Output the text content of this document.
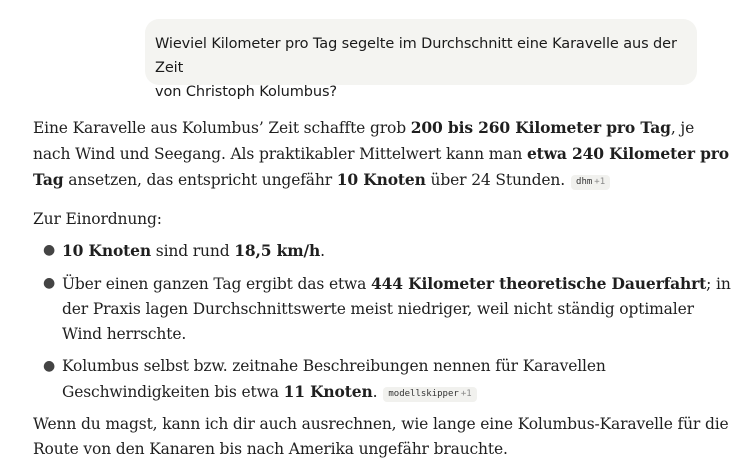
Wieviel Kilometer pro Tag segelte im Durchschnitt eine Karavelle aus der Zeit
von Christoph Kolumbus?

Eine Karavelle aus Kolumbus’ Zeit schaffte grob 200 bis 260 Kilometer pro Tag, je nach Wind und Seegang. Als praktikabler Mittelwert kann man etwa 240 Kilometer pro Tag ansetzen, das entspricht ungefähr 10 Knoten über 24 Stunden. dhm +1

Zur Einordnung:

● 10 Knoten sind rund 18,5 km/h.
● Über einen ganzen Tag ergibt das etwa 444 Kilometer theoretische Dauerfahrt; in der Praxis lagen Durchschnittswerte meist niedriger, weil nicht ständig optimaler Wind herrschte.
● Kolumbus selbst bzw. zeitnahe Beschreibungen nennen für Karavellen Geschwindigkeiten bis etwa 11 Knoten. modellskipper +1

Wenn du magst, kann ich dir auch ausrechnen, wie lange eine Kolumbus-Karavelle für die Route von den Kanaren bis nach Amerika ungefähr brauchte.
